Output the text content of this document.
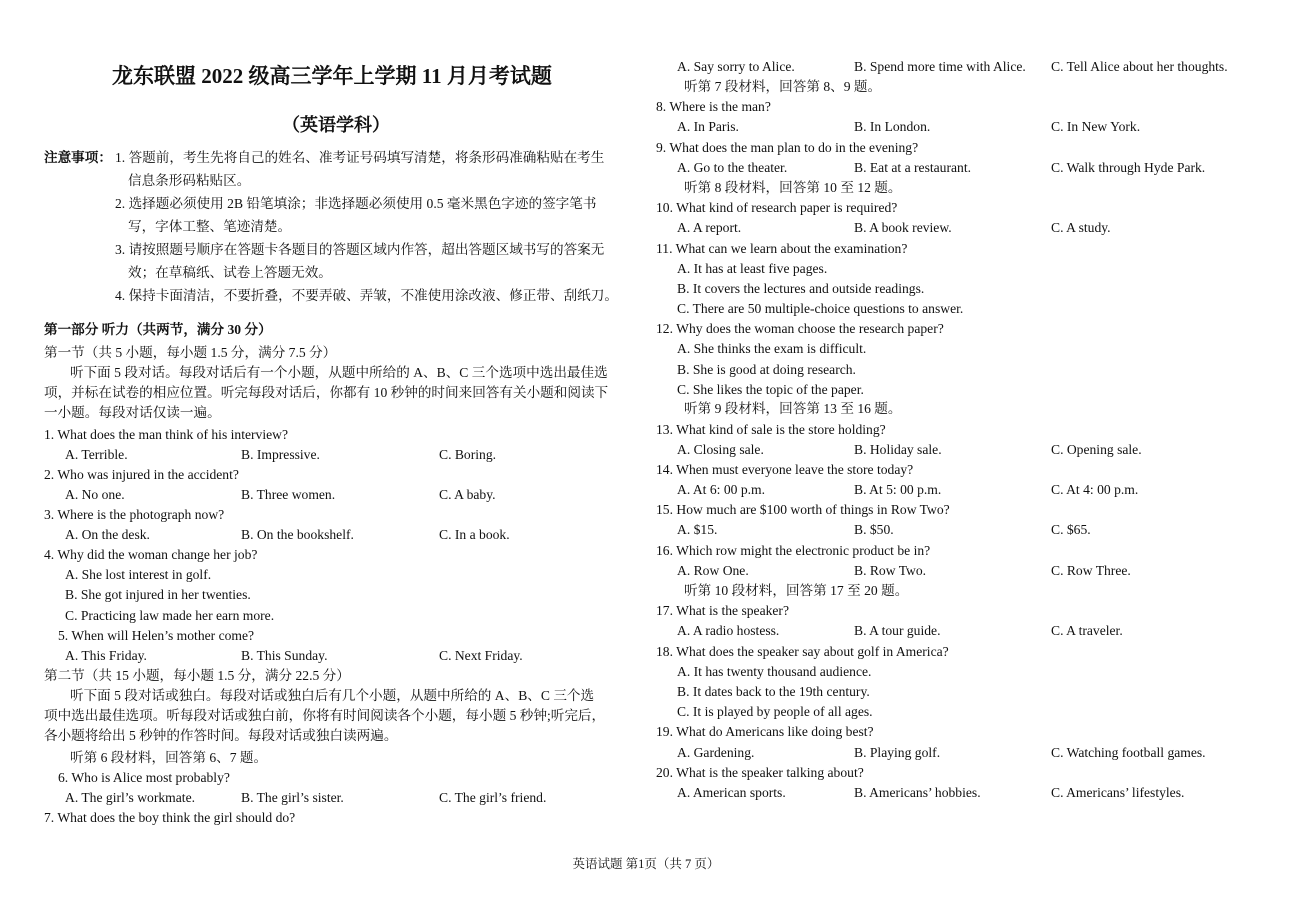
龙东联盟 2022 级高三学年上学期 11 月月考试题
（英语学科）
注意事项： 1. 答题前，考生先将自己的姓名、准考证号码填写清楚，将条形码准确粘贴在考生
信息条形码粘贴区。
2. 选择题必须使用 2B 铅笔填涂；非选择题必须使用 0.5 毫米黑色字迹的签字笔书
写，字体工整、笔迹清楚。
3. 请按照题号顺序在答题卡各题目的答题区域内作答，超出答题区域书写的答案无
效；在草稿纸、试卷上答题无效。
4. 保持卡面清洁，不要折叠，不要弄破、弄皱，不准使用涂改液、修正带、刮纸刀。
第一部分 听力（共两节，满分 30 分）
第一节（共 5 小题，每小题 1.5 分，满分 7.5 分）
听下面 5 段对话。每段对话后有一个小题，从题中所给的 A、B、C 三个选项中选出最佳选
项，并标在试卷的相应位置。听完每段对话后，你都有 10 秒钟的时间来回答有关小题和阅读下
一小题。每段对话仅读一遍。
1. What does the man think of his interview?
A. Terrible.	B. Impressive.	C. Boring.
2. Who was injured in the accident?
A. No one.	B. Three women.	C. A baby.
3. Where is the photograph now?
A. On the desk.	B. On the bookshelf.	C. In a book.
4. Why did the woman change her job?
A. She lost interest in golf.
B. She got injured in her twenties.
C. Practicing law made her earn more.
5. When will Helen’s mother come?
A. This Friday.	B. This Sunday.	C. Next Friday.
第二节（共 15 小题，每小题 1.5 分，满分 22.5 分）
听下面 5 段对话或独白。每段对话或独白后有几个小题，从题中所给的 A、B、C 三个选
项中选出最佳选项。听每段对话或独白前，你将有时间阅读各个小题，每小题 5 秒钟;听完后，
各小题将给出 5 秒钟的作答时间。每段对话或独白读两遍。
听第 6 段材料，回答第 6、7 题。
6. Who is Alice most probably?
A. The girl’s workmate.	B. The girl’s sister.	C. The girl’s friend.
7. What does the boy think the girl should do?
A. Say sorry to Alice.	B. Spend more time with Alice. C. Tell Alice about her thoughts.
听第 7 段材料，回答第 8、9 题。
8. Where is the man?
A. In Paris.	B. In London.	C. In New York.
9. What does the man plan to do in the evening?
A. Go to the theater.	B. Eat at a restaurant.	C. Walk through Hyde Park.
听第 8 段材料，回答第 10 至 12 题。
10. What kind of research paper is required?
A. A report.	B. A book review.	C. A study.
11. What can we learn about the examination?
A. It has at least five pages.
B. It covers the lectures and outside readings.
C. There are 50 multiple-choice questions to answer.
12. Why does the woman choose the research paper?
A. She thinks the exam is difficult.
B. She is good at doing research.
C. She likes the topic of the paper.
听第 9 段材料，回答第 13 至 16 题。
13. What kind of sale is the store holding?
A. Closing sale.	B. Holiday sale.	C. Opening sale.
14. When must everyone leave the store today?
A. At 6: 00 p.m.	B. At 5: 00 p.m.	C. At 4: 00 p.m.
15. How much are $100 worth of things in Row Two?
A. $15.	B. $50.	C. $65.
16. Which row might the electronic product be in?
A. Row One.	B. Row Two.	C. Row Three.
听第 10 段材料，回答第 17 至 20 题。
17. What is the speaker?
A. A radio hostess.	B. A tour guide.	C. A traveler.
18. What does the speaker say about golf in America?
A. It has twenty thousand audience.
B. It dates back to the 19th century.
C. It is played by people of all ages.
19. What do Americans like doing best?
A. Gardening.	B. Playing golf.	C. Watching football games.
20. What is the speaker talking about?
A. American sports.	B. Americans’ hobbies.	C. Americans’ lifestyles.
英语试题 第1页（共 7 页）
